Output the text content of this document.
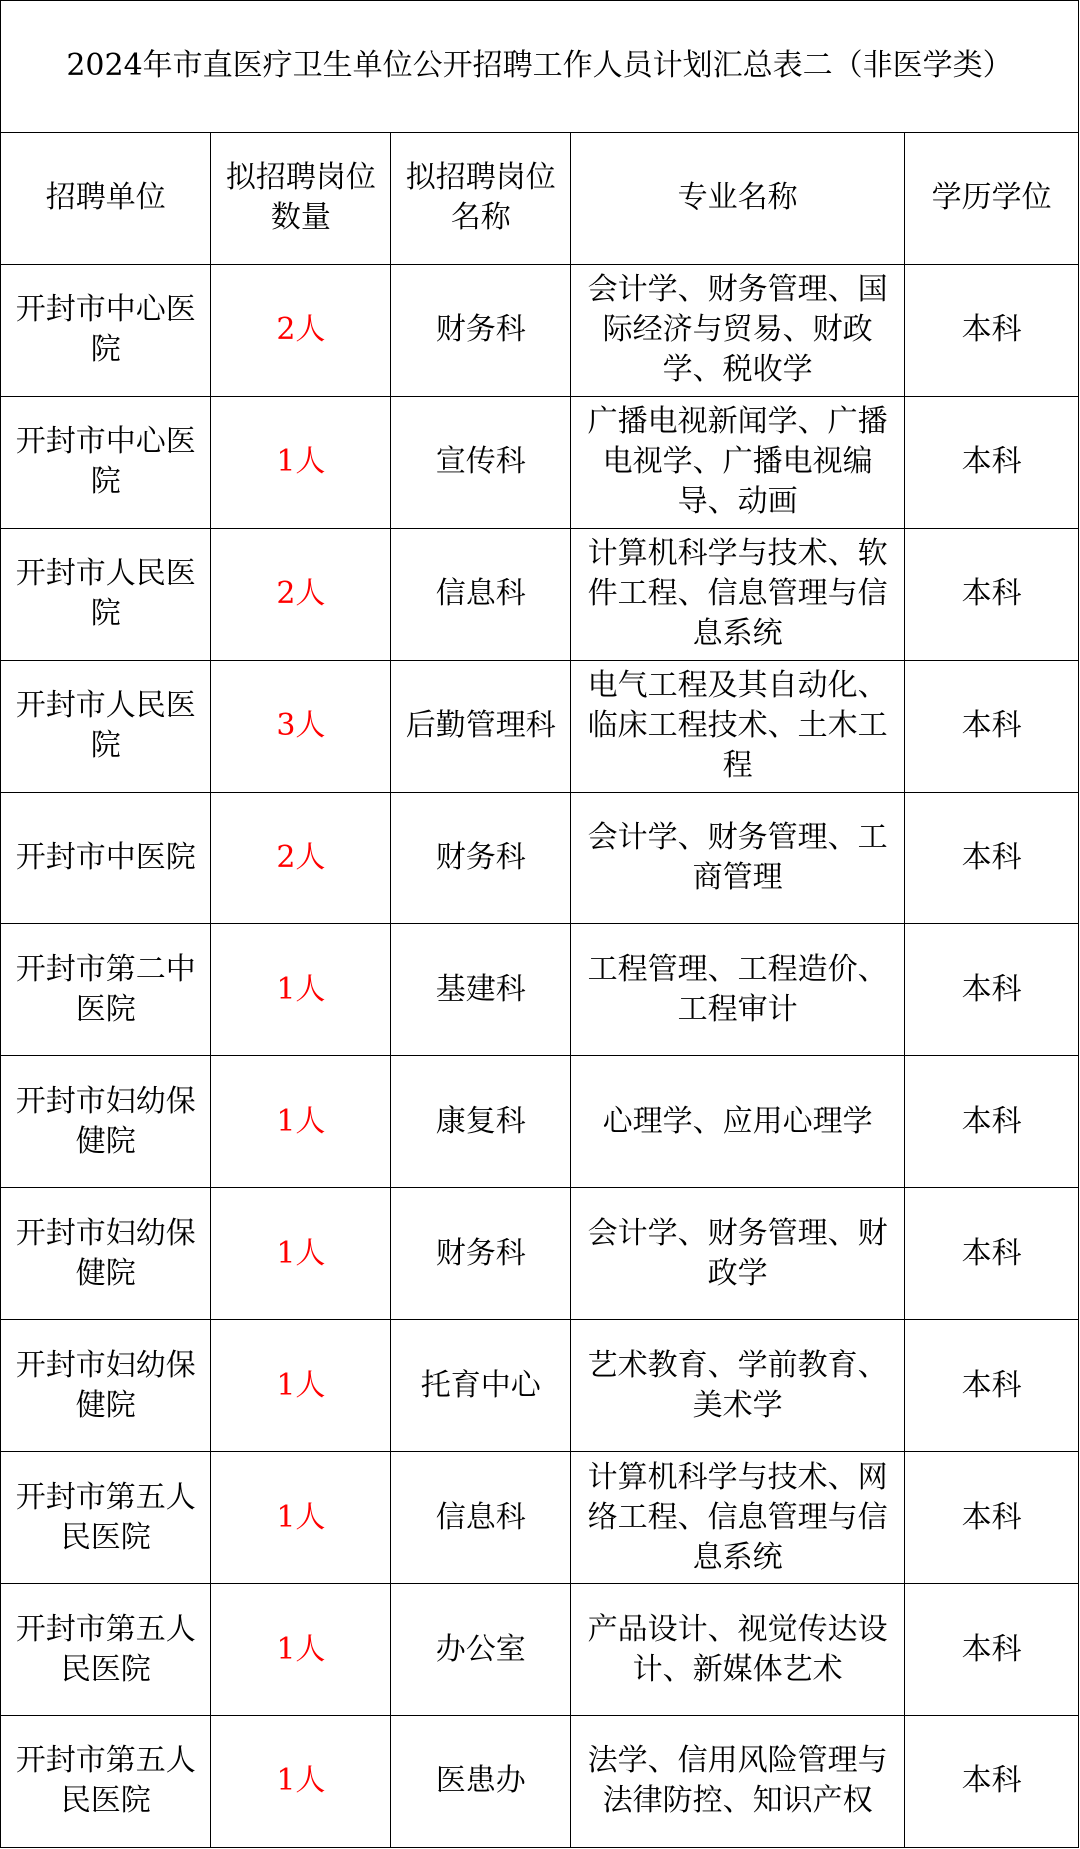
2024年市直医疗卫生单位公开招聘工作人员计划汇总表二（非医学类）				
招聘单位	拟招聘岗位数量	拟招聘岗位名称	专业名称	学历学位
开封市中心医院	2人	财务科	会计学、财务管理、国际经济与贸易、财政学、税收学	本科
开封市中心医院	1人	宣传科	广播电视新闻学、广播电视学、广播电视编导、动画	本科
开封市人民医院	2人	信息科	计算机科学与技术、软件工程、信息管理与信息系统	本科
开封市人民医院	3人	后勤管理科	电气工程及其自动化、临床工程技术、土木工程	本科
开封市中医院	2人	财务科	会计学、财务管理、工商管理	本科
开封市第二中医院	1人	基建科	工程管理、工程造价、工程审计	本科
开封市妇幼保健院	1人	康复科	心理学、应用心理学	本科
开封市妇幼保健院	1人	财务科	会计学、财务管理、财政学	本科
开封市妇幼保健院	1人	托育中心	艺术教育、学前教育、美术学	本科
开封市第五人民医院	1人	信息科	计算机科学与技术、网络工程、信息管理与信息系统	本科
开封市第五人民医院	1人	办公室	产品设计、视觉传达设计、新媒体艺术	本科
开封市第五人民医院	1人	医患办	法学、信用风险管理与法律防控、知识产权	本科
